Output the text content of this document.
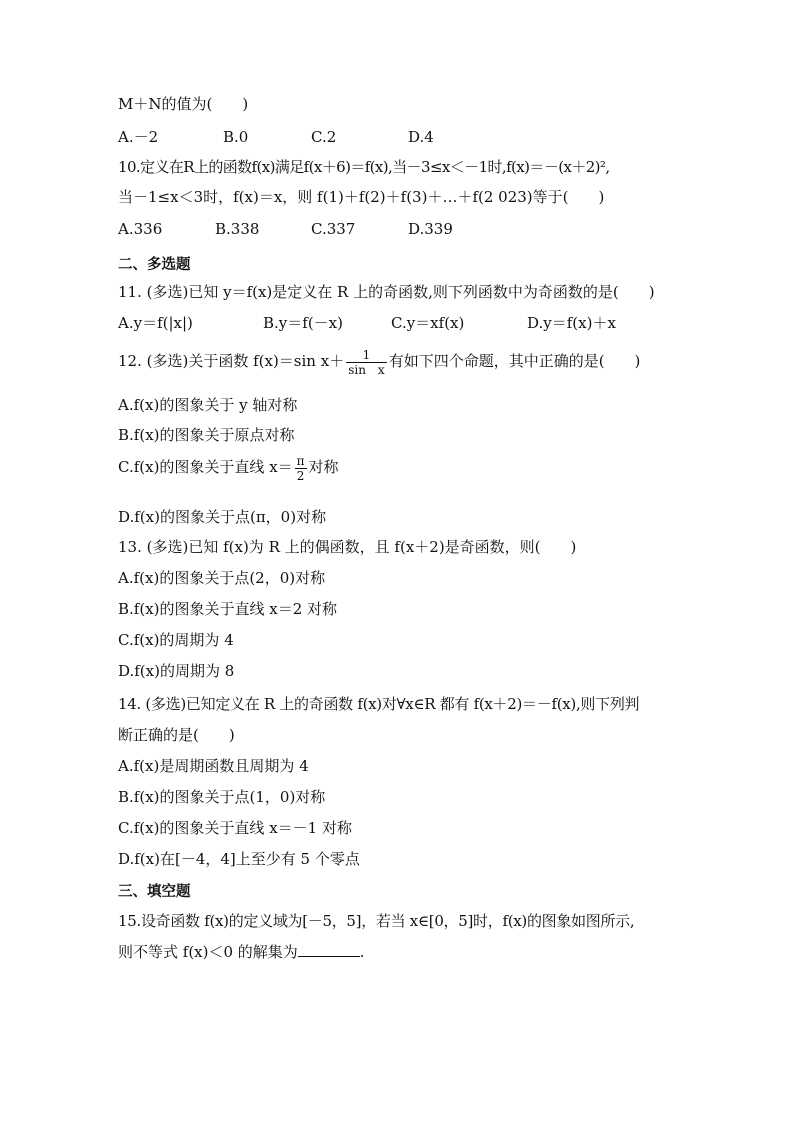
M＋N的值为(　　)
A.－2	B.0	C.2	D.4
10.定义在R上的函数f(x)满足f(x＋6)＝f(x),当－3≤x＜－1时,f(x)＝－(x＋2)²,
当－1≤x＜3时，f(x)＝x，则 f(1)＋f(2)＋f(3)＋…＋f(2 023)等于(　　)
A.336	B.338	C.337	D.339
二、多选题
11. (多选)已知 y＝f(x)是定义在 R 上的奇函数,则下列函数中为奇函数的是(　　)
A.y＝f(|x|)	B.y＝f(－x)	C.y＝xf(x)	D.y＝f(x)＋x
12. (多选)关于函数 f(x)＝sin $x+ \frac{1}{\text{sin　x}}$ 有如下四个命题，其中正确的是(　　)
A.f(x)的图象关于 y 轴对称
B.f(x)的图象关于原点对称
C.f(x)的图象关于直线 $x= \frac{\pi}{2}$ 对称
D.f(x)的图象关于点(π，0)对称
13. (多选)已知 f(x)为 R 上的偶函数，且 f(x＋2)是奇函数，则(　　)
A.f(x)的图象关于点(2，0)对称
B.f(x)的图象关于直线 x＝2 对称
C.f(x)的周期为 4
D.f(x)的周期为 8
14. (多选)已知定义在 R 上的奇函数 f(x)对∀x∈R 都有 f(x＋2)＝－f(x),则下列判
断正确的是(　　)
A.f(x)是周期函数且周期为 4
B.f(x)的图象关于点(1，0)对称
C.f(x)的图象关于直线 x＝－1 对称
D.f(x)在[－4，4]上至少有 5 个零点
三、填空题
15.设奇函数 f(x)的定义域为[－5，5]，若当 x∈[0，5]时，f(x)的图象如图所示,
则不等式 f(x)＜0 的解集为	.
